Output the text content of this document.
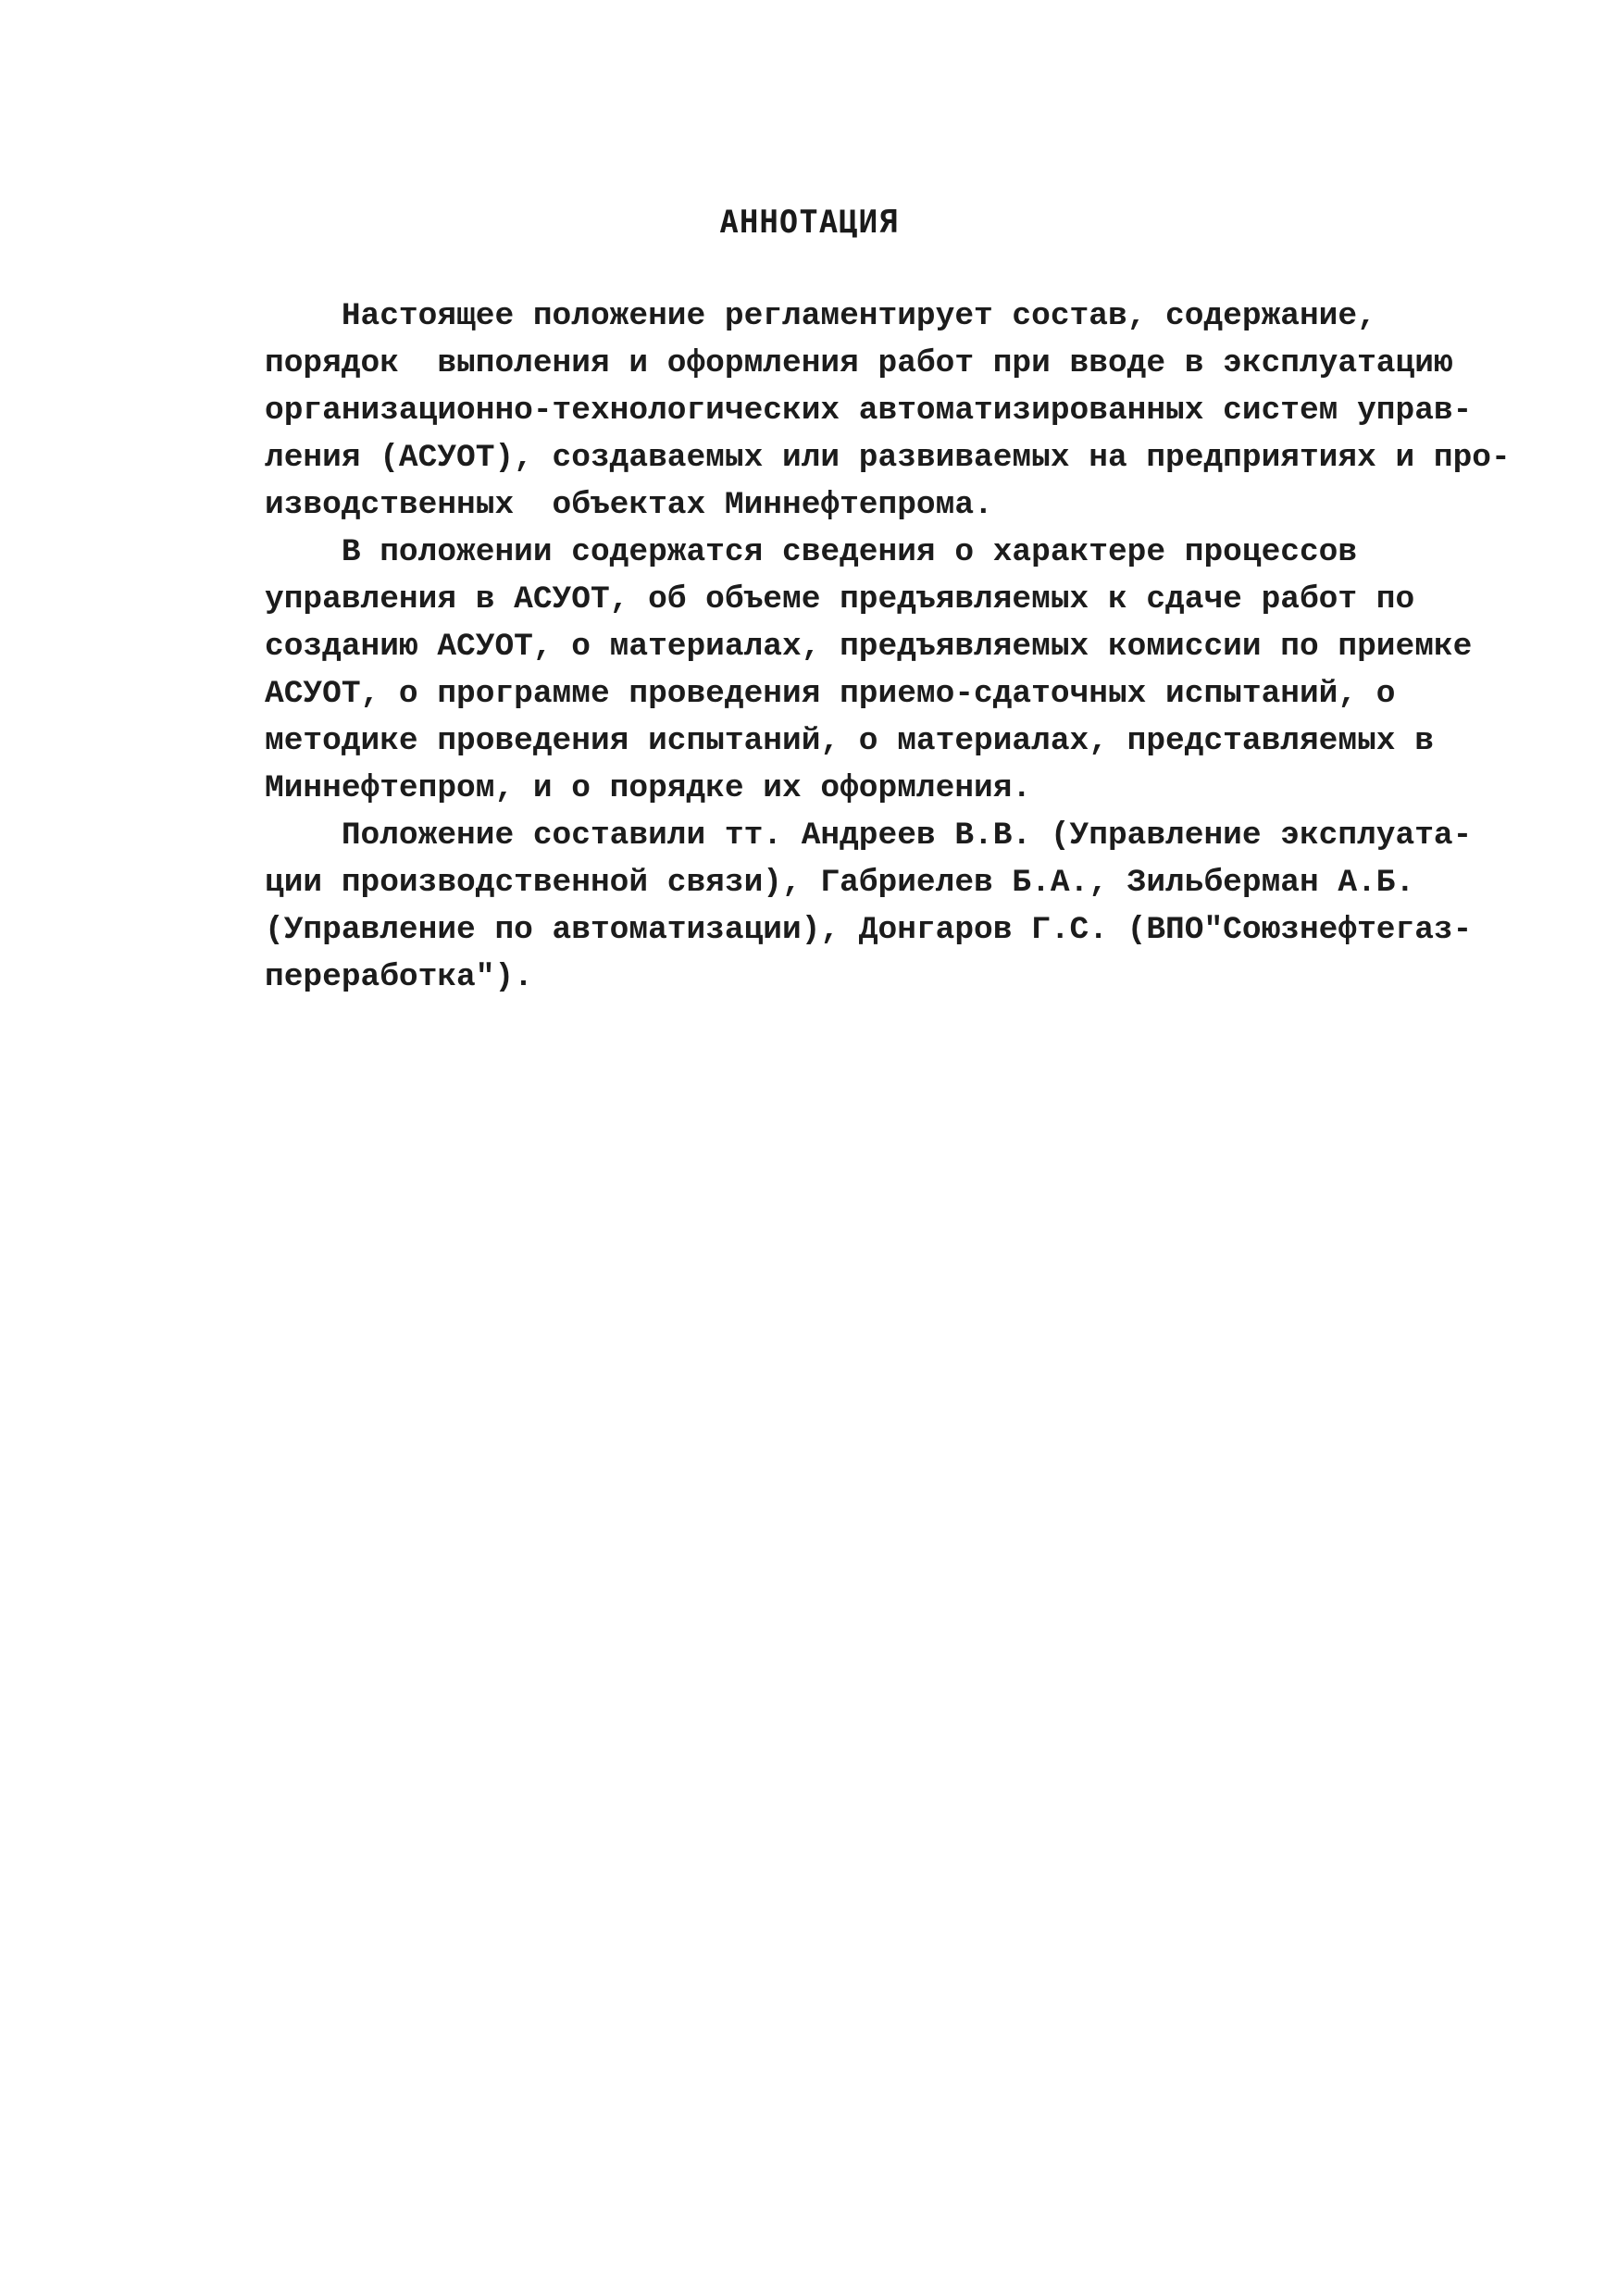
АННОТАЦИЯ
Настоящее положение регламентирует состав, содержание,
порядок  выполения и оформления работ при вводе в эксплуатацию
организационно-технологических автоматизированных систем управ-
ления (АСУОТ), создаваемых или развиваемых на предприятиях и про-
изводственных  объектах Миннефтепрома.
В положении содержатся сведения о характере процессов
управления в АСУОТ, об объеме предъявляемых к сдаче работ по
созданию АСУОТ, о материалах, предъявляемых комиссии по приемке
АСУОТ, о программе проведения приемо-сдаточных испытаний, о
методике проведения испытаний, о материалах, представляемых в
Миннефтепром, и о порядке их оформления.
Положение составили тт. Андреев В.В. (Управление эксплуата-
ции производственной связи), Габриелев Б.А., Зильберман А.Б.
(Управление по автоматизации), Донгаров Г.С. (ВПО"Союзнефтегаз-
переработка").
